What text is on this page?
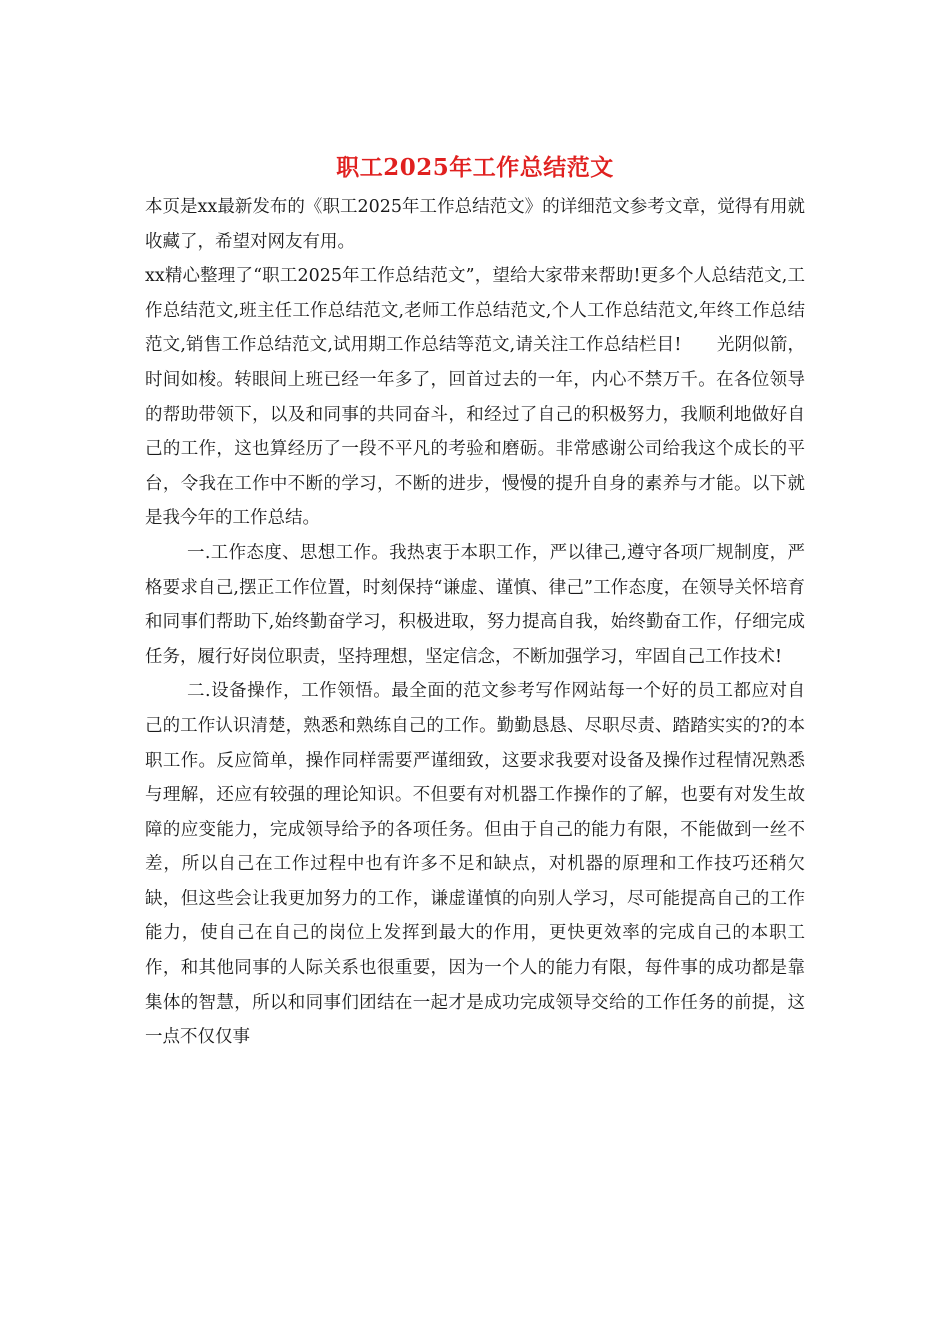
职工2025年工作总结范文

本页是xx最新发布的《职工2025年工作总结范文》的详细范文参考文章，觉得有用就收藏了，希望对网友有用。

xx精心整理了“职工2025年工作总结范文”，望给大家带来帮助!更多个人总结范文,工作总结范文,班主任工作总结范文,老师工作总结范文,个人工作总结范文,年终工作总结范文,销售工作总结范文,试用期工作总结等范文,请关注工作总结栏目!　　光阴似箭，时间如梭。转眼间上班已经一年多了，回首过去的一年，内心不禁万千。在各位领导的帮助带领下，以及和同事的共同奋斗，和经过了自己的积极努力，我顺利地做好自己的工作，这也算经历了一段不平凡的考验和磨砺。非常感谢公司给我这个成长的平台，令我在工作中不断的学习，不断的进步，慢慢的提升自身的素养与才能。以下就是我今年的工作总结。

一.工作态度、思想工作。我热衷于本职工作，严以律己,遵守各项厂规制度，严格要求自己,摆正工作位置，时刻保持“谦虚、谨慎、律己”工作态度，在领导关怀培育和同事们帮助下,始终勤奋学习，积极进取，努力提高自我，始终勤奋工作，仔细完成任务，履行好岗位职责，坚持理想，坚定信念，不断加强学习，牢固自己工作技术!

二.设备操作，工作领悟。最全面的范文参考写作网站每一个好的员工都应对自己的工作认识清楚，熟悉和熟练自己的工作。勤勤恳恳、尽职尽责、踏踏实实的?的本职工作。反应简单，操作同样需要严谨细致，这要求我要对设备及操作过程情况熟悉与理解，还应有较强的理论知识。不但要有对机器工作操作的了解，也要有对发生故障的应变能力，完成领导给予的各项任务。但由于自己的能力有限，不能做到一丝不差，所以自己在工作过程中也有许多不足和缺点，对机器的原理和工作技巧还稍欠缺，但这些会让我更加努力的工作，谦虚谨慎的向别人学习，尽可能提高自己的工作能力，使自己在自己的岗位上发挥到最大的作用，更快更效率的完成自己的本职工作，和其他同事的人际关系也很重要，因为一个人的能力有限，每件事的成功都是靠集体的智慧，所以和同事们团结在一起才是成功完成领导交给的工作任务的前提，这一点不仅仅事
